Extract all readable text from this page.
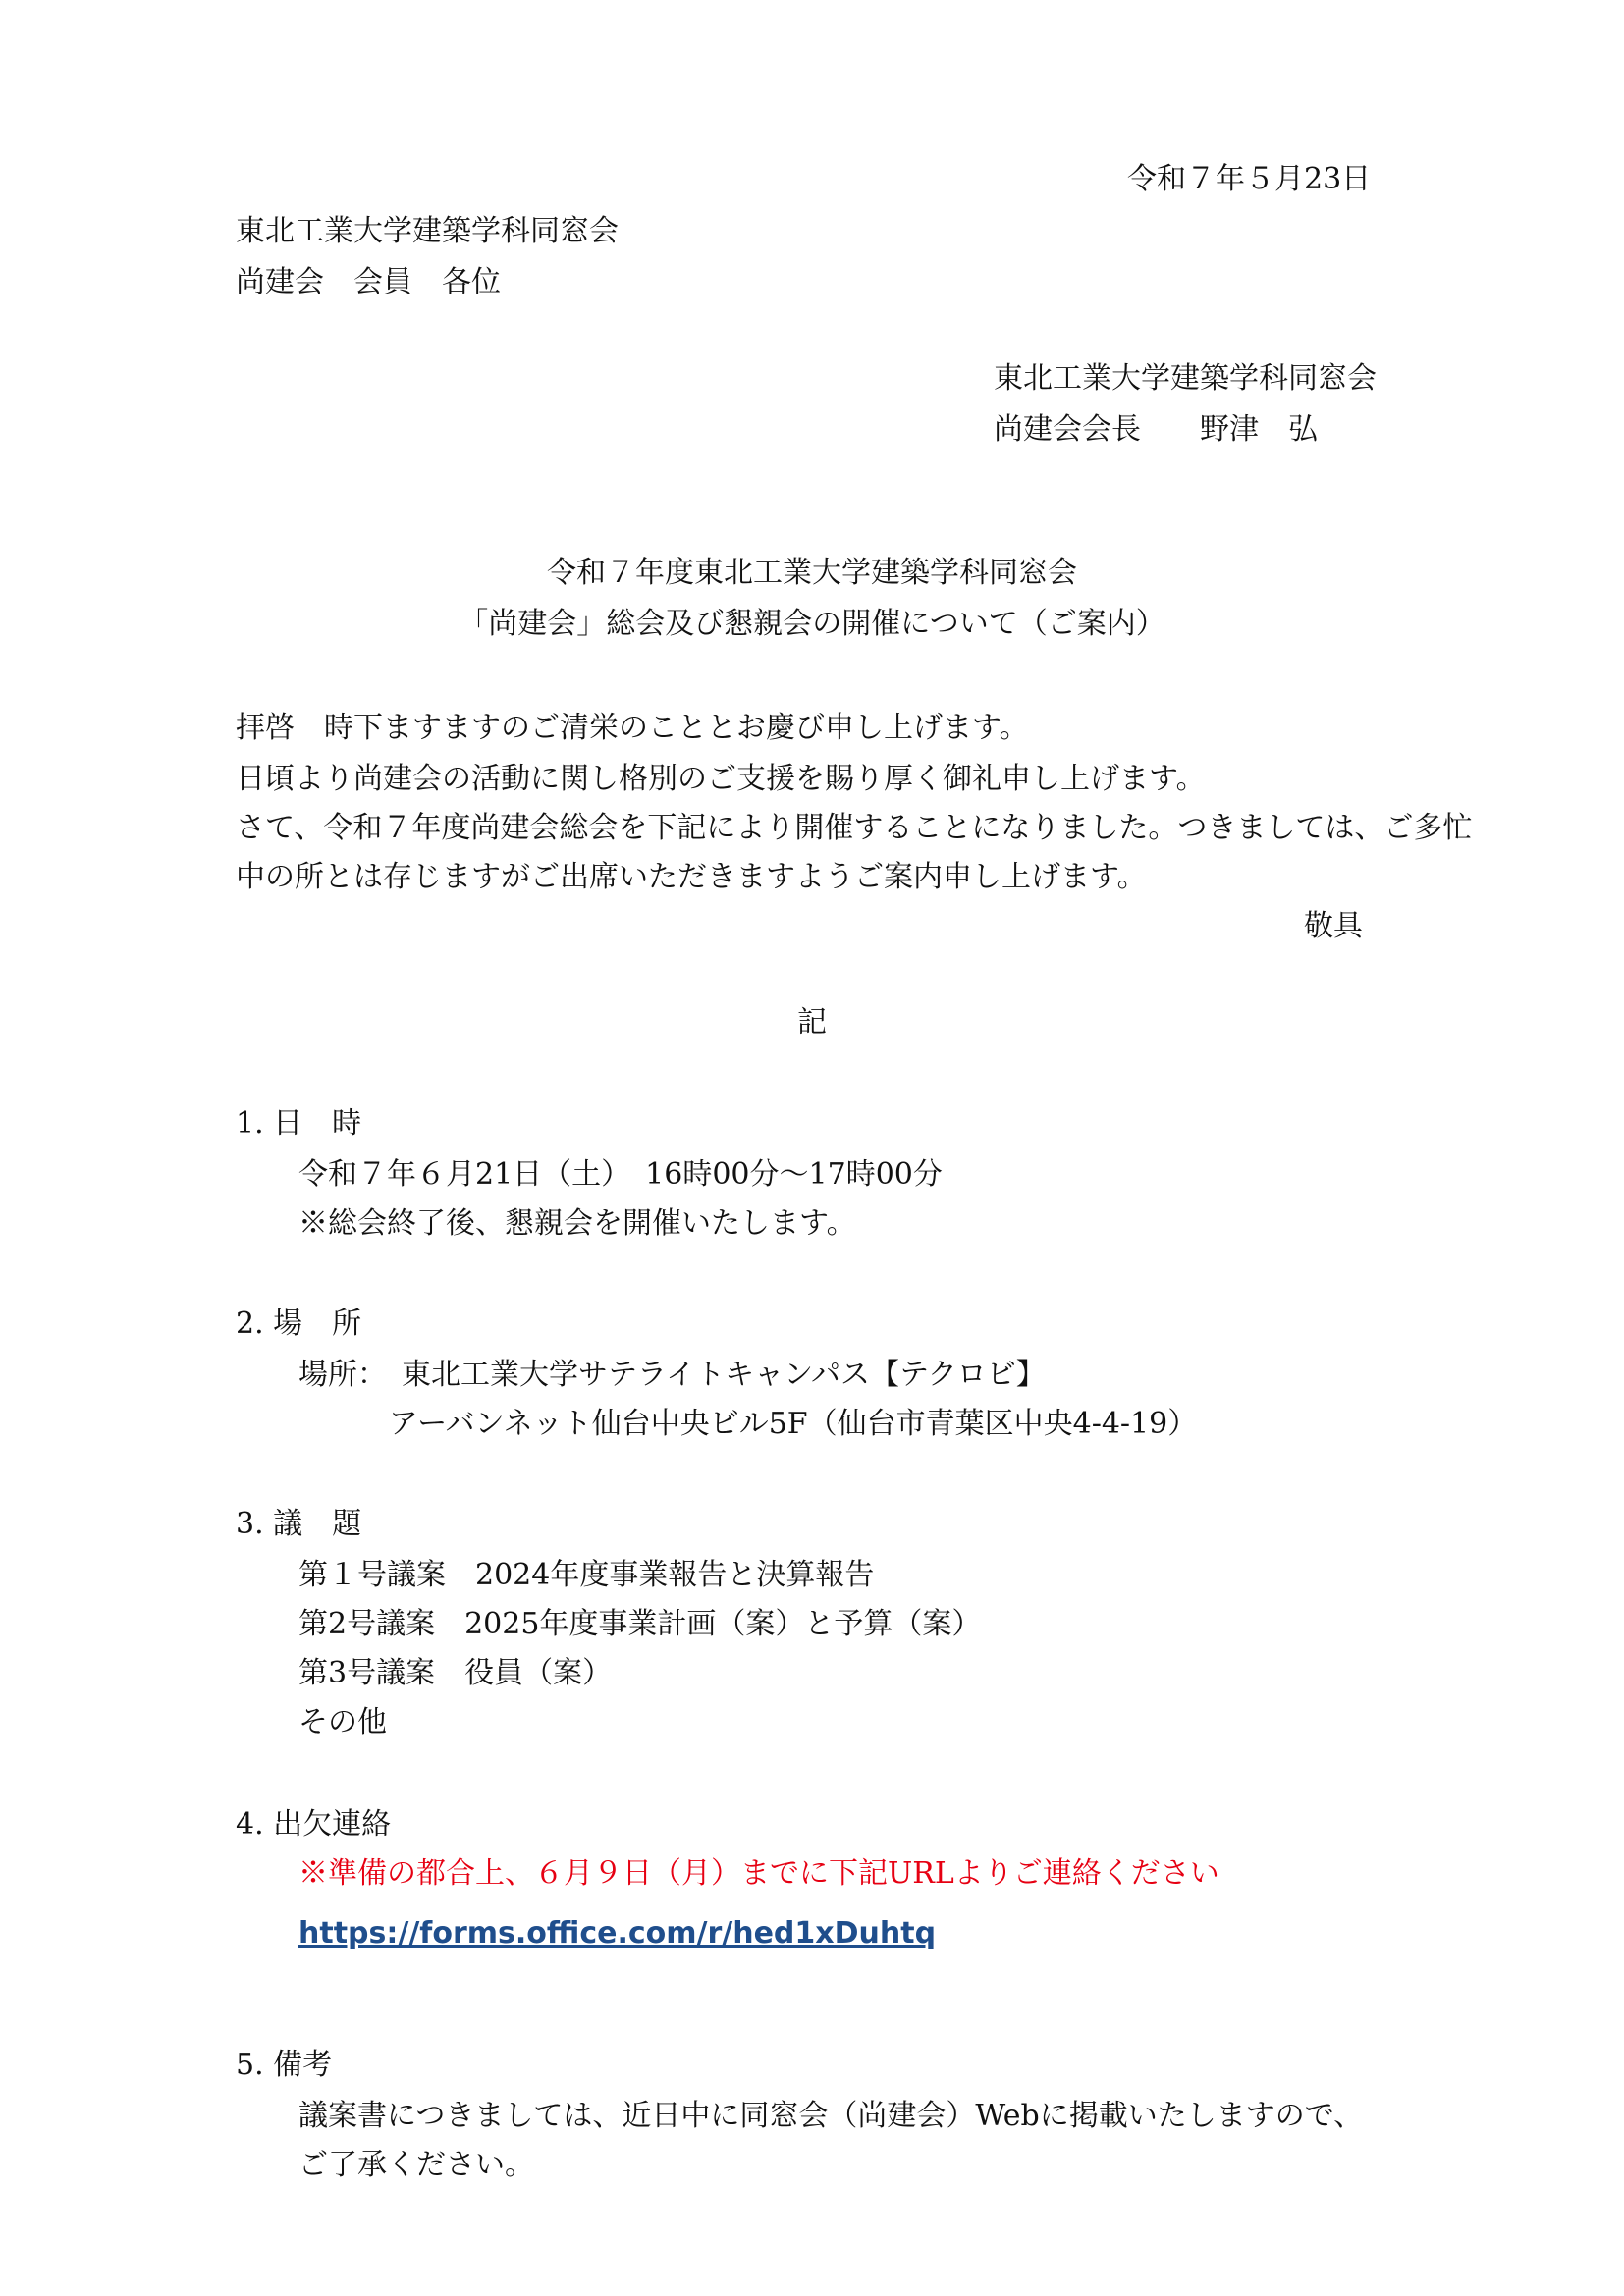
令和７年５月23日
東北工業大学建築学科同窓会
尚建会　会員　各位
東北工業大学建築学科同窓会
尚建会会長　　野津　弘
令和７年度東北工業大学建築学科同窓会
「尚建会」総会及び懇親会の開催について（ご案内）
拝啓　時下ますますのご清栄のこととお慶び申し上げます。
日頃より尚建会の活動に関し格別のご支援を賜り厚く御礼申し上げます。
さて、令和７年度尚建会総会を下記により開催することになりました。つきましては、ご多忙
中の所とは存じますがご出席いただきますようご案内申し上げます。
敬具
記
1. 日　時
令和７年６月21日（土）　16時00分～17時00分
※総会終了後、懇親会を開催いたします。
2. 場　所
場所：　東北工業大学サテライトキャンパス【テクロビ】
アーバンネット仙台中央ビル5F（仙台市青葉区中央4-4-19）
3. 議　題
第１号議案　2024年度事業報告と決算報告
第2号議案　2025年度事業計画（案）と予算（案）
第3号議案　役員（案）
その他
4. 出欠連絡
※準備の都合上、６月９日（月）までに下記URLよりご連絡ください
https://forms.office.com/r/hed1xDuhtq
5. 備考
議案書につきましては、近日中に同窓会（尚建会）Webに掲載いたしますので、
ご了承ください。
